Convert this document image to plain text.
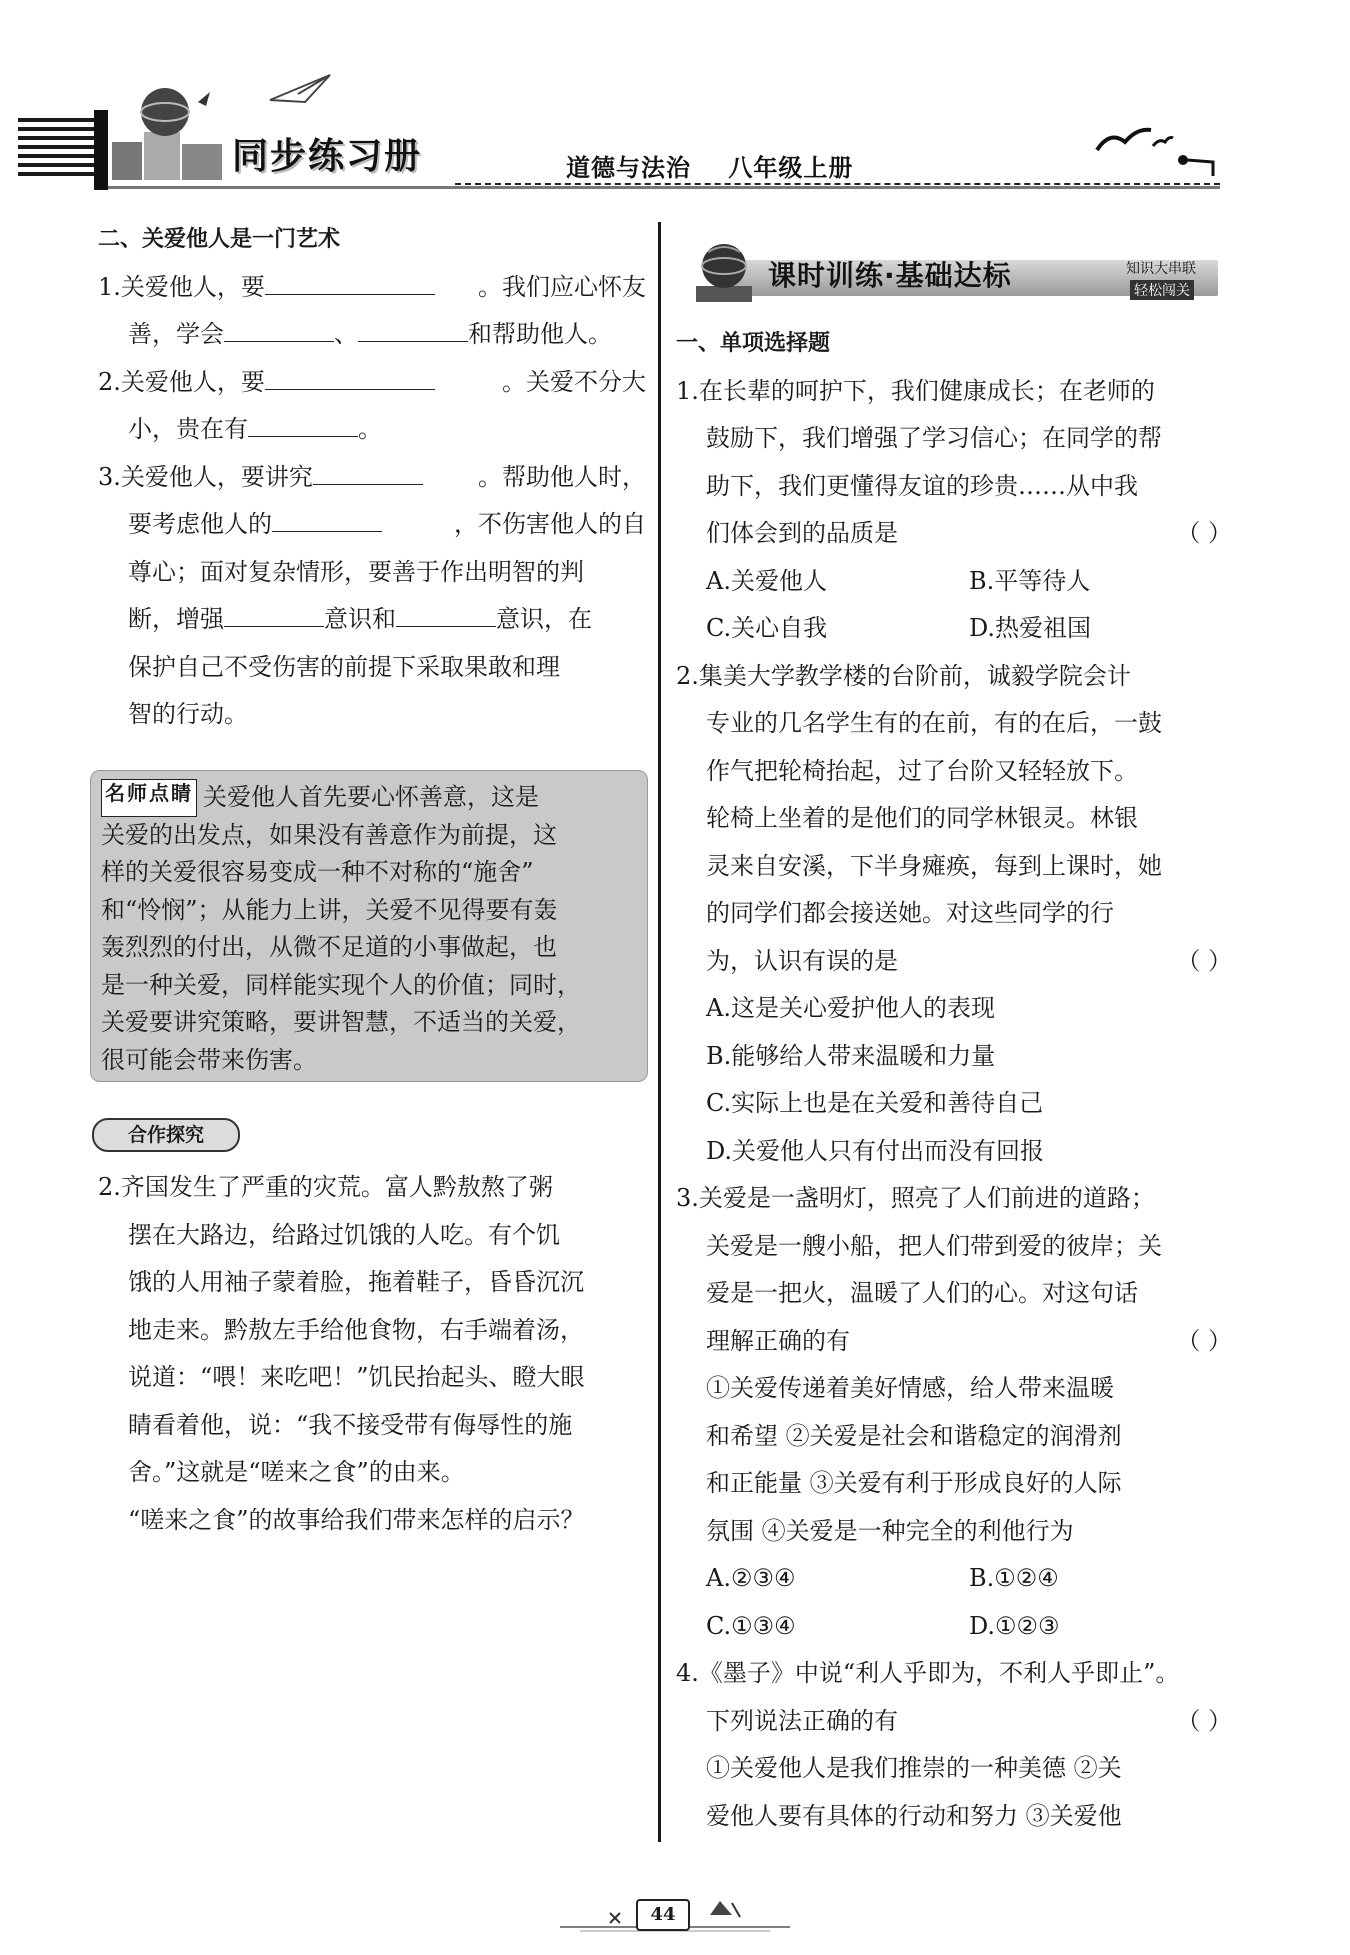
同步练习册	道德与法治    八年级上册
二、关爱他人是一门艺术
1.关爱他人，要	。我们应心怀友
善，学会	、	和帮助他人。
2.关爱他人，要	。关爱不分大
小，贵在有	。
3.关爱他人，要讲究	。帮助他人时，
要考虑他人的	，不伤害他人的自
尊心；面对复杂情形，要善于作出明智的判
断，增强	意识和	意识，在
保护自己不受伤害的前提下采取果敢和理
智的行动。
名师点睛 关爱他人首先要心怀善意，这是
关爱的出发点，如果没有善意作为前提，这
样的关爱很容易变成一种不对称的“施舍”
和“怜悯”；从能力上讲，关爱不见得要有轰
轰烈烈的付出，从微不足道的小事做起，也
是一种关爱，同样能实现个人的价值；同时，
关爱要讲究策略，要讲智慧，不适当的关爱，
很可能会带来伤害。
合作探究
2.齐国发生了严重的灾荒。富人黔敖熬了粥
摆在大路边，给路过饥饿的人吃。有个饥
饿的人用袖子蒙着脸，拖着鞋子，昏昏沉沉
地走来。黔敖左手给他食物，右手端着汤，
说道：“喂！来吃吧！”饥民抬起头、瞪大眼
睛看着他，说：“我不接受带有侮辱性的施
舍。”这就是“嗟来之食”的由来。
“嗟来之食”的故事给我们带来怎样的启示？
课时训练·基础达标	知识大串联
轻松闯关
一、单项选择题
1.在长辈的呵护下，我们健康成长；在老师的
鼓励下，我们增强了学习信心；在同学的帮
助下，我们更懂得友谊的珍贵……从中我
们体会到的品质是	（ ）
A.关爱他人	B.平等待人
C.关心自我	D.热爱祖国
2.集美大学教学楼的台阶前，诚毅学院会计
专业的几名学生有的在前，有的在后，一鼓
作气把轮椅抬起，过了台阶又轻轻放下。
轮椅上坐着的是他们的同学林银灵。林银
灵来自安溪，下半身瘫痪，每到上课时，她
的同学们都会接送她。对这些同学的行
为，认识有误的是	（ ）
A.这是关心爱护他人的表现
B.能够给人带来温暖和力量
C.实际上也是在关爱和善待自己
D.关爱他人只有付出而没有回报
3.关爱是一盏明灯，照亮了人们前进的道路；
关爱是一艘小船，把人们带到爱的彼岸；关
爱是一把火，温暖了人们的心。对这句话
理解正确的有	（ ）
①关爱传递着美好情感，给人带来温暖
和希望 ②关爱是社会和谐稳定的润滑剂
和正能量 ③关爱有利于形成良好的人际
氛围 ④关爱是一种完全的利他行为
A.②③④	B.①②④
C.①③④	D.①②③
4.《墨子》中说“利人乎即为，不利人乎即止”。
下列说法正确的有	（ ）
①关爱他人是我们推崇的一种美德 ②关
爱他人要有具体的行动和努力 ③关爱他
44
